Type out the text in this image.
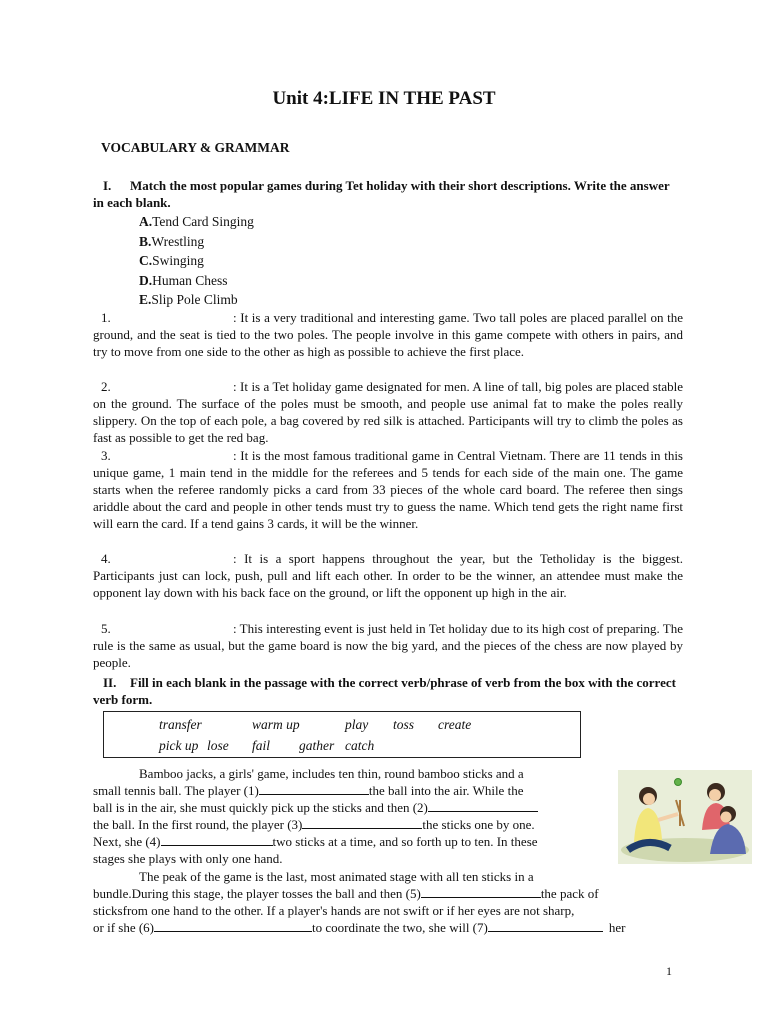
Unit 4:LIFE IN THE PAST
VOCABULARY & GRAMMAR
I. Match the most popular games during Tet holiday with their short descriptions. Write the answer in each blank.
A.Tend Card Singing
B.Wrestling
C.Swinging
D.Human Chess
E.Slip Pole Climb
1.	: It is a very traditional and interesting game. Two tall poles are placed parallel on the ground, and the seat is tied to the two poles. The people involve in this game compete with others in pairs, and try to move from one side to the other as high as possible to achieve the first place.
2.	: It is a Tet holiday game designated for men. A line of tall, big poles are placed stable on the ground. The surface of the poles must be smooth, and people use animal fat to make the poles really slippery. On the top of each pole, a bag covered by red silk is attached. Participants will try to climb the poles as fast as possible to get the red bag.
3.	: It is the most famous traditional game in Central Vietnam. There are 11 tends in this unique game, 1 main tend in the middle for the referees and 5 tends for each side of the main one. The game starts when the referee randomly picks a card from 33 pieces of the whole card board. The referee then sings ariddle about the card and people in other tends must try to guess the name. Which tend gets the right name first will earn the card. If a tend gains 3 cards, it will be the winner.
4.	: It is a sport happens throughout the year, but the Tetholiday is the biggest. Participants just can lock, push, pull and lift each other. In order to be the winner, an attendee must make the opponent lay down with his back face on the ground, or lift the opponent up high in the air.
5.	: This interesting event is just held in Tet holiday due to its high cost of preparing. The rule is the same as usual, but the game board is now the big yard, and the pieces of the chess are now played by people.
II. Fill in each blank in the passage with the correct verb/phrase of verb from the box with the correct verb form.
transfer	warm up	play toss create
pick up lose fail gather catch
Bamboo jacks, a girls' game, includes ten thin, round bamboo sticks and a
small tennis ball. The player (1)	the ball into the air. While the
ball is in the air, she must quickly pick up the sticks and then (2)
the ball. In the first round, the player (3)	the sticks one by one.
Next, she (4)	two sticks at a time, and so forth up to ten. In these
stages she plays with only one hand.
The peak of the game is the last, most animated stage with all ten sticks in a
bundle.During this stage, the player tosses the ball and then (5)	the pack of
sticksfrom one hand to the other. If a player's hands are not swift or if her eyes are not sharp,
or if she (6)	to coordinate the two, she will (7)	her
1
